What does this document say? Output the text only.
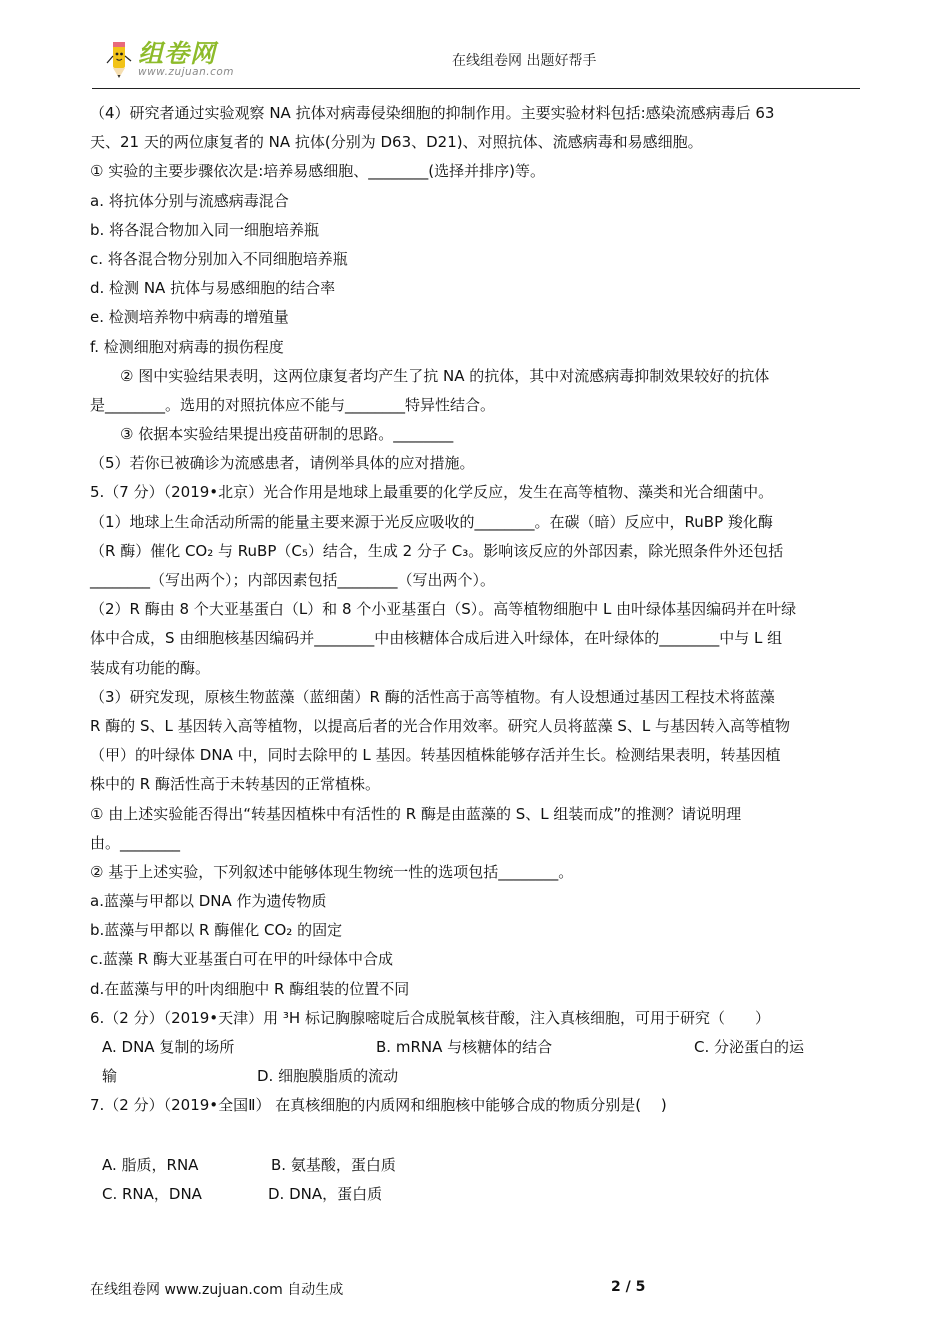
组卷网
www.zujuan.com
在线组卷网 出题好帮手
（4）研究者通过实验观察 NA 抗体对病毒侵染细胞的抑制作用。主要实验材料包括:感染流感病毒后 63
天、21 天的两位康复者的 NA 抗体(分别为 D63、D21)、对照抗体、流感病毒和易感细胞。
① 实验的主要步骤依次是:培养易感细胞、________(选择并排序)等。
a. 将抗体分别与流感病毒混合
b. 将各混合物加入同一细胞培养瓶
c. 将各混合物分别加入不同细胞培养瓶
d. 检测 NA 抗体与易感细胞的结合率
e. 检测培养物中病毒的增殖量
f. 检测细胞对病毒的损伤程度
② 图中实验结果表明，这两位康复者均产生了抗 NA 的抗体，其中对流感病毒抑制效果较好的抗体
是________。选用的对照抗体应不能与________特异性结合。
③ 依据本实验结果提出疫苗研制的思路。________
（5）若你已被确诊为流感患者，请例举具体的应对措施。
5.（7 分）（2019•北京）光合作用是地球上最重要的化学反应，发生在高等植物、藻类和光合细菌中。
（1）地球上生命活动所需的能量主要来源于光反应吸收的________。在碳（暗）反应中，RuBP 羧化酶
（R 酶）催化 CO₂ 与 RuBP（C₅）结合，生成 2 分子 C₃。影响该反应的外部因素，除光照条件外还包括
________（写出两个）；内部因素包括________（写出两个）。
（2）R 酶由 8 个大亚基蛋白（L）和 8 个小亚基蛋白（S）。高等植物细胞中 L 由叶绿体基因编码并在叶绿
体中合成，S 由细胞核基因编码并________中由核糖体合成后进入叶绿体，在叶绿体的________中与 L 组
装成有功能的酶。
（3）研究发现，原核生物蓝藻（蓝细菌）R 酶的活性高于高等植物。有人设想通过基因工程技术将蓝藻
R 酶的 S、L 基因转入高等植物，以提高后者的光合作用效率。研究人员将蓝藻 S、L 与基因转入高等植物
（甲）的叶绿体 DNA 中，同时去除甲的 L 基因。转基因植株能够存活并生长。检测结果表明，转基因植
株中的 R 酶活性高于未转基因的正常植株。
① 由上述实验能否得出“转基因植株中有活性的 R 酶是由蓝藻的 S、L 组装而成”的推测？请说明理
由。________
② 基于上述实验，下列叙述中能够体现生物统一性的选项包括________。
a.蓝藻与甲都以 DNA 作为遗传物质
b.蓝藻与甲都以 R 酶催化 CO₂ 的固定
c.蓝藻 R 酶大亚基蛋白可在甲的叶绿体中合成
d.在蓝藻与甲的叶肉细胞中 R 酶组装的位置不同
6.（2 分）（2019•天津）用 ³H 标记胸腺嘧啶后合成脱氧核苷酸，注入真核细胞，可用于研究（　　）
A. DNA 复制的场所	B. mRNA 与核糖体的结合	C. 分泌蛋白的运
输	D. 细胞膜脂质的流动
7.（2 分）（2019•全国Ⅱ） 在真核细胞的内质网和细胞核中能够合成的物质分别是(　 )
A. 脂质，RNA	B. 氨基酸，蛋白质
C. RNA，DNA	D. DNA，蛋白质
在线组卷网 www.zujuan.com 自动生成	2 / 5
